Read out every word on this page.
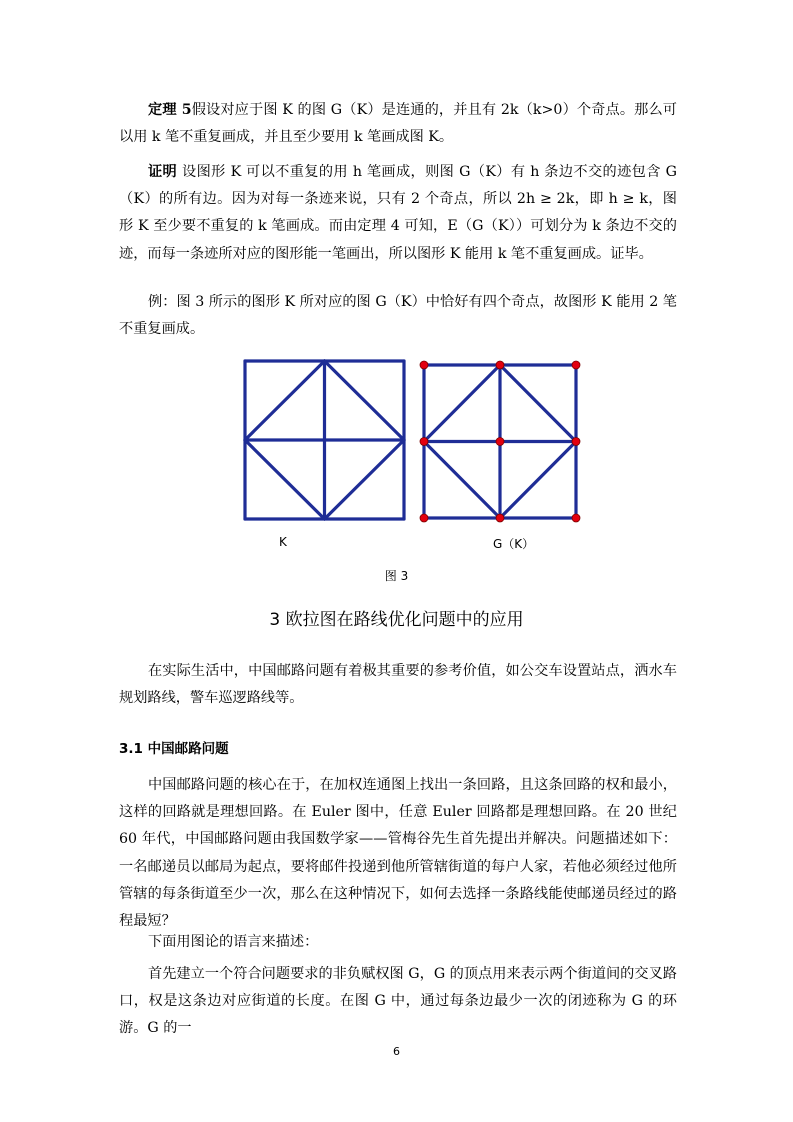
定理 5假设对应于图 K 的图 G（K）是连通的，并且有 2k（k>0）个奇点。那么可以用 k 笔不重复画成，并且至少要用 k 笔画成图 K。

证明 设图形 K 可以不重复的用 h 笔画成，则图 G（K）有 h 条边不交的迹包含 G（K）的所有边。因为对每一条迹来说，只有 2 个奇点，所以 2h ≥ 2k，即 h ≥ k，图形 K 至少要不重复的 k 笔画成。而由定理 4 可知，E（G（K））可划分为 k 条边不交的迹，而每一条迹所对应的图形能一笔画出，所以图形 K 能用 k 笔不重复画成。证毕。

例：图 3 所示的图形 K 所对应的图 G（K）中恰好有四个奇点，故图形 K 能用 2 笔不重复画成。

K	G（K）

图 3

3 欧拉图在路线优化问题中的应用

在实际生活中，中国邮路问题有着极其重要的参考价值，如公交车设置站点，洒水车规划路线，警车巡逻路线等。

3.1 中国邮路问题

中国邮路问题的核心在于，在加权连通图上找出一条回路，且这条回路的权和最小，这样的回路就是理想回路。在 Euler 图中，任意 Euler 回路都是理想回路。在 20 世纪 60 年代，中国邮路问题由我国数学家——管梅谷先生首先提出并解决。问题描述如下：一名邮递员以邮局为起点，要将邮件投递到他所管辖街道的每户人家，若他必须经过他所管辖的每条街道至少一次，那么在这种情况下，如何去选择一条路线能使邮递员经过的路程最短？

下面用图论的语言来描述：

首先建立一个符合问题要求的非负赋权图 G，G 的顶点用来表示两个街道间的交叉路口，权是这条边对应街道的长度。在图 G 中，通过每条边最少一次的闭迹称为 G 的环游。G 的一

6
